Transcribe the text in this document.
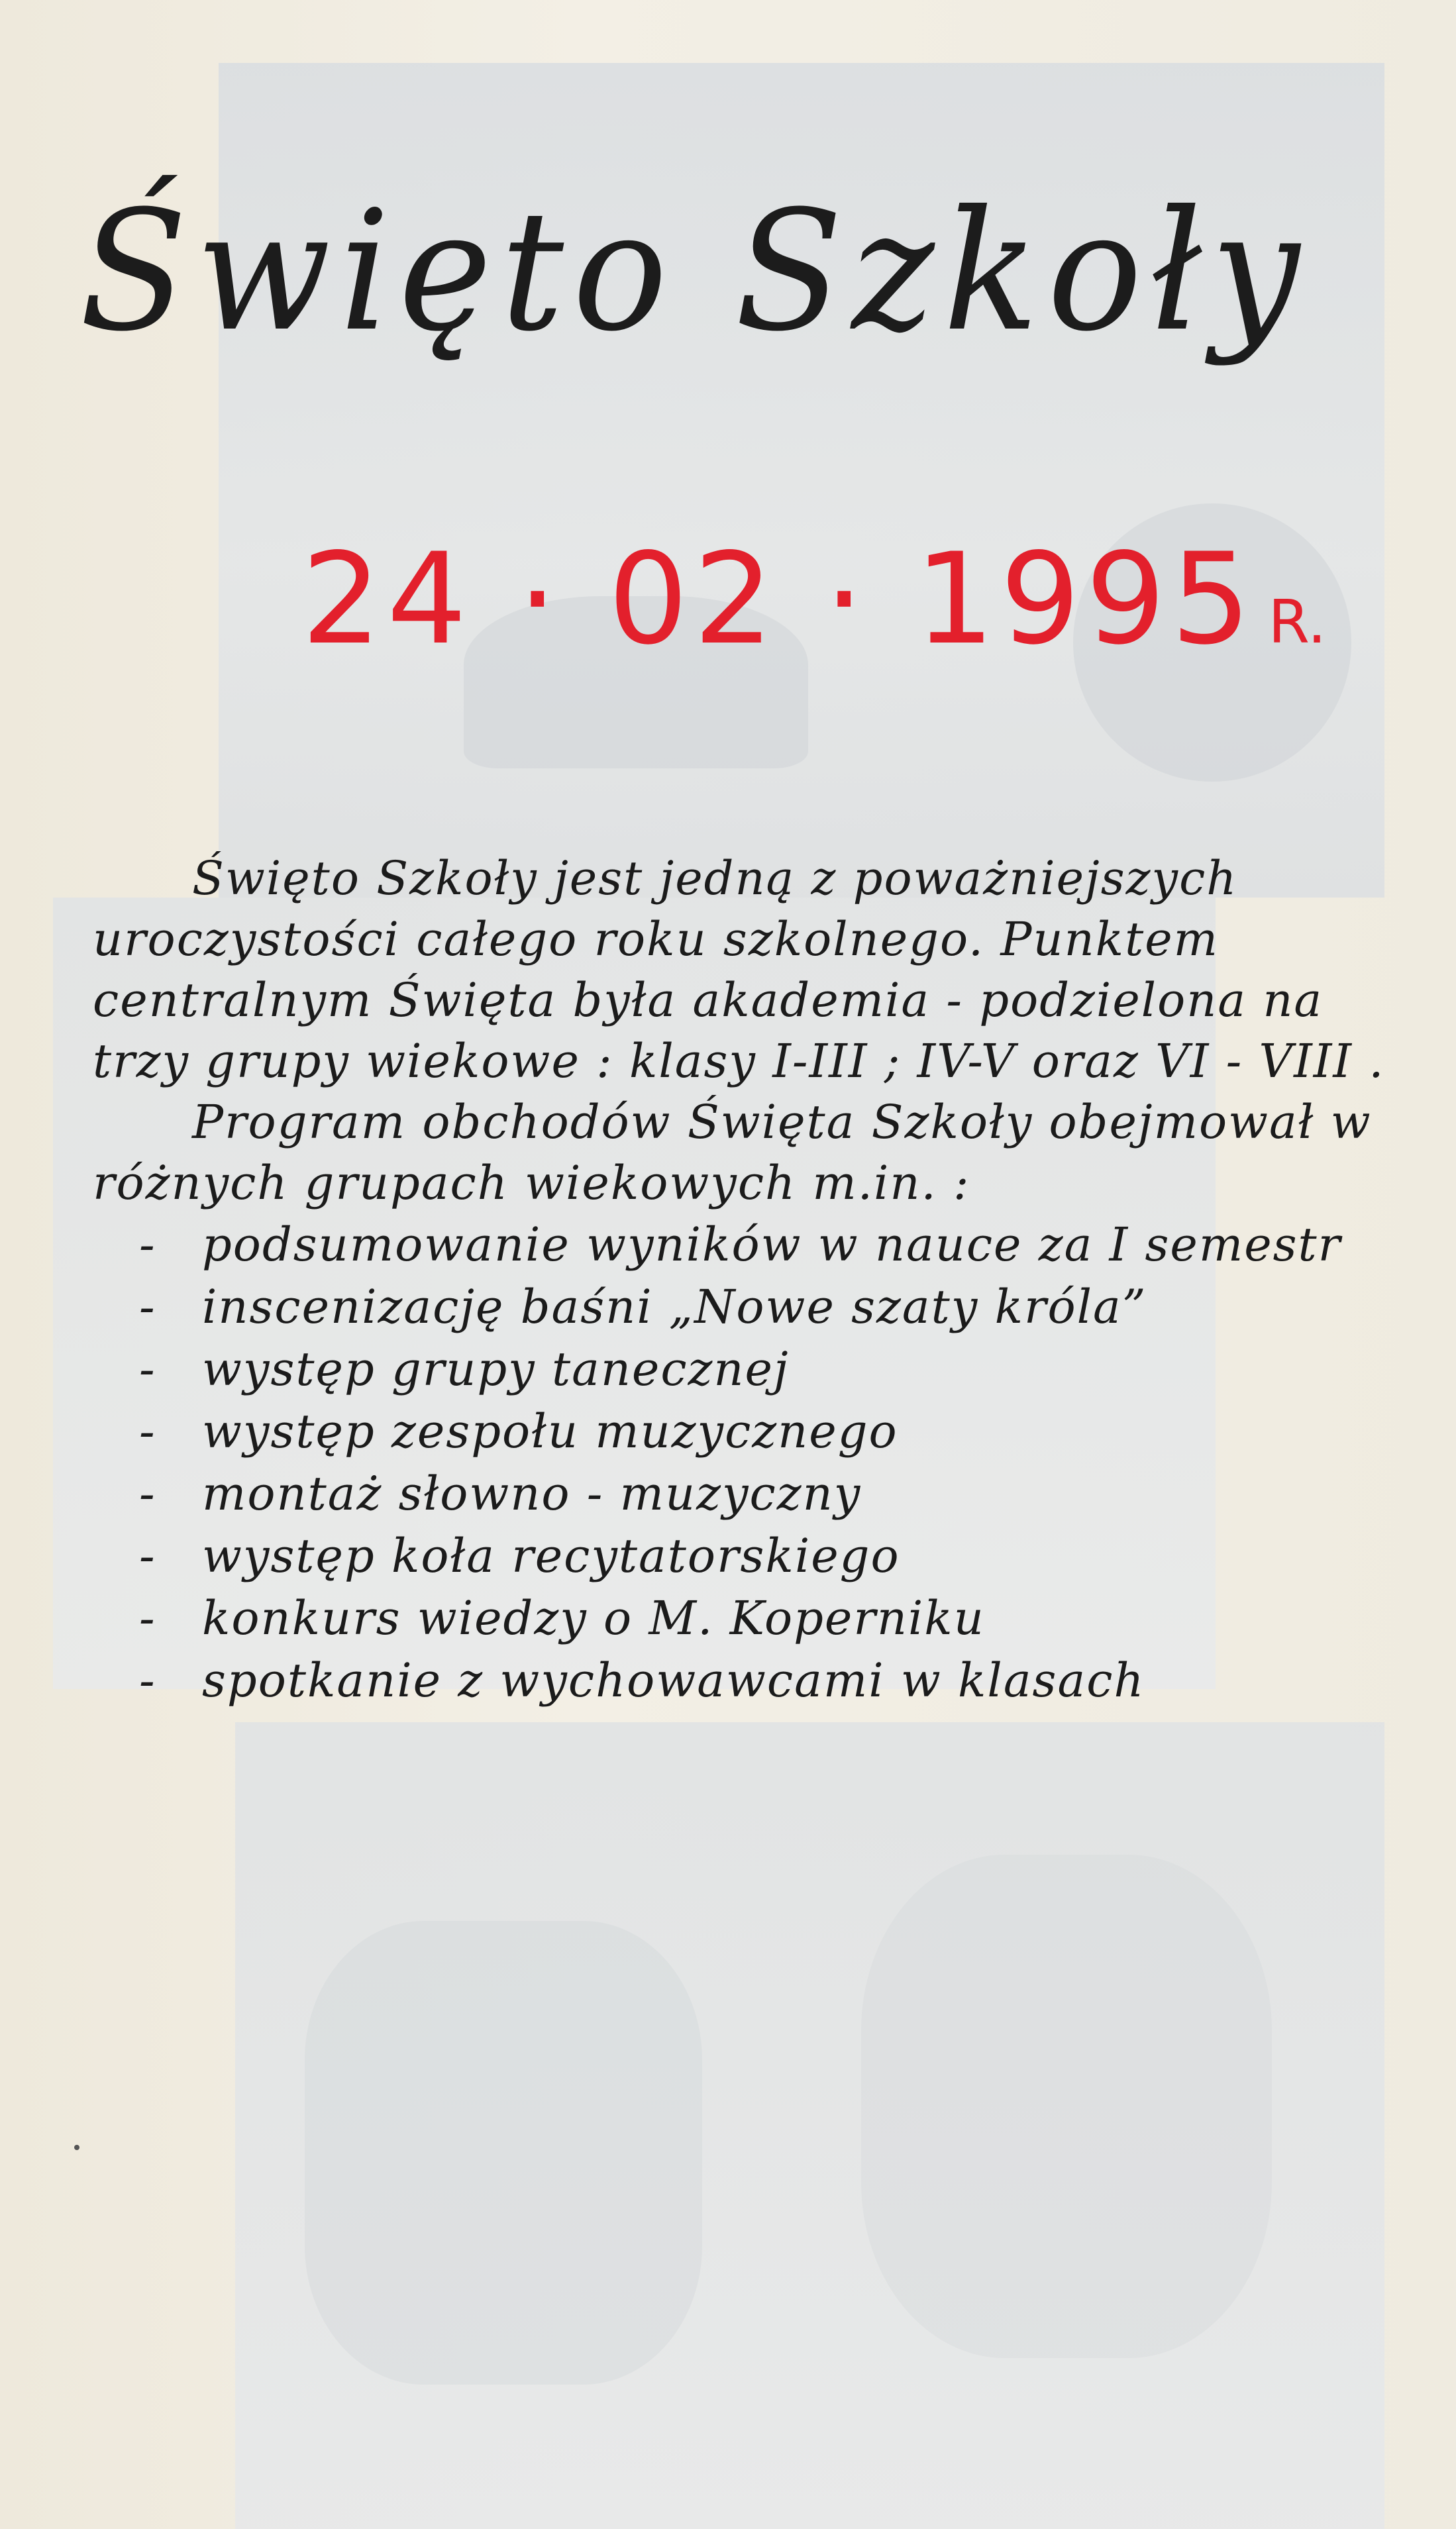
Święto Szkoły
24 · 02 · 1995 R.

Święto Szkoły jest jedną z poważniejszych uroczystości całego roku szkolnego. Punktem centralnym Święta była akademia - podzielona na trzy grupy wiekowe : klasy I-III ; IV-V oraz VI - VIII .

Program obchodów Święta Szkoły obejmował w różnych grupach wiekowych m.in. :

- podsumowanie wyników w nauce za I semestr
- inscenizację baśni „Nowe szaty króla”
- występ grupy tanecznej
- występ zespołu muzycznego
- montaż słowno - muzyczny
- występ koła recytatorskiego
- konkurs wiedzy o M. Koperniku
- spotkanie z wychowawcami w klasach
